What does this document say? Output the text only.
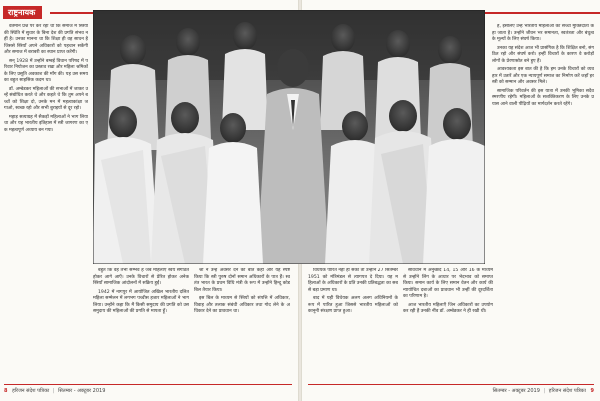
राष्ट्रनायक

वर्तमान प्रश्न पर कर रहा था कि समाज में स्त्रियों की स्थिति में सुधार के बिना देश की प्रगति संभव नहीं है। उनका मानना था कि शिक्षा ही वह साधन है जिससे स्त्रियाँ अपने अधिकारों को पहचान सकेंगी और समाज में बराबरी का स्थान प्राप्त करेंगी।

सन् 1928 में उन्होंने बम्बई विधान परिषद में परिवार नियोजन का प्रस्ताव रखा और महिला श्रमिकों के लिए प्रसूति अवकाश की माँग की। यह उस समय का बहुत साहसिक कदम था।

डॉ. अम्बेडकर महिलाओं की सभाओं में जाकर उन्हें संबोधित करते थे और कहते थे कि तुम अपने बच्चों को शिक्षा दो, उनके मन में महत्वाकांक्षा जगाओ, स्वच्छ रहो और सभी बुराइयों से दूर रहो।

महाड़ सत्याग्रह में सैकड़ों महिलाओं ने भाग लिया था और यह भारतीय इतिहास में स्त्री जागरण का एक महत्वपूर्ण अध्याय बन गया।

बहुत कि वह तभी सम्भव है जब महिलाएँ स्वयं संगठित होकर आगे आएँ। उनके विचारों से प्रेरित होकर अनेक स्त्रियाँ सामाजिक आंदोलनों में सक्रिय हुईं।

1942 में नागपुर में आयोजित अखिल भारतीय दलित महिला सम्मेलन में लगभग पच्चीस हजार महिलाओं ने भाग लिया। उन्होंने कहा कि मैं किसी समुदाय की प्रगति को उस समुदाय की महिलाओं की प्रगति से मापता हूँ।

श्री ने उन्हें अवसर देने की बात कही और यह स्पष्ट किया कि स्त्री पुरुष दोनों समान अधिकारों के पात्र हैं। स्वतंत्र भारत के प्रथम विधि मंत्री के रूप में उन्होंने हिन्दू कोड बिल तैयार किया।

इस बिल के माध्यम से स्त्रियों को संपत्ति में अधिकार, विवाह और तलाक संबंधी अधिकार तथा गोद लेने के अधिकार देने का प्रावधान था।

8 हरिजन संदेश पत्रिका | सितम्बर - अक्टूबर 2019

विधेयक पारित नहीं हो सका तो उन्होंने 27 सितम्बर 1951 को मंत्रिमंडल से त्यागपत्र दे दिया। यह महिलाओं के अधिकारों के प्रति उनकी प्रतिबद्धता का सबसे बड़ा प्रमाण था।

बाद में यही विधेयक अलग अलग अधिनियमों के रूप में पारित हुआ जिससे भारतीय महिलाओं को कानूनी संरक्षण प्राप्त हुआ।

संविधान में अनुच्छेद 14, 15 और 16 के माध्यम से उन्होंने लिंग के आधार पर भेदभाव को समाप्त किया। समान कार्य के लिए समान वेतन और कार्य की न्यायोचित दशाओं का प्रावधान भी उन्हीं की दूरदर्शिता का परिणाम है।

आज भारतीय महिलाएँ जिन अधिकारों का उपयोग कर रही हैं उनकी नींव डॉ. अम्बेडकर ने ही रखी थी।

है, इसलिए उन्हें भारतीय महिलाओं का सच्चा मुक्तिदाता कहा जाता है। उन्होंने जीवन भर समानता, स्वतंत्रता और बंधुत्व के मूल्यों के लिए संघर्ष किया।

उनका यह संदेश आज भी प्रासंगिक है कि शिक्षित बनो, संगठित रहो और संघर्ष करो। इन्हीं विचारों के कारण वे करोड़ों लोगों के प्रेरणास्रोत बने हुए हैं।

आवश्यकता इस बात की है कि हम उनके विचारों को व्यवहार में उतारें और एक न्यायपूर्ण समाज का निर्माण करें जहाँ हर स्त्री को सम्मान और अवसर मिले।

सामाजिक परिवर्तन की इस यात्रा में उनकी भूमिका सदैव स्मरणीय रहेगी। महिलाओं के सशक्तिकरण के लिए उनके प्रयास आने वाली पीढ़ियों का मार्गदर्शन करते रहेंगे।

सितम्बर - अक्टूबर 2019 | हरिजन संदेश पत्रिका 9
